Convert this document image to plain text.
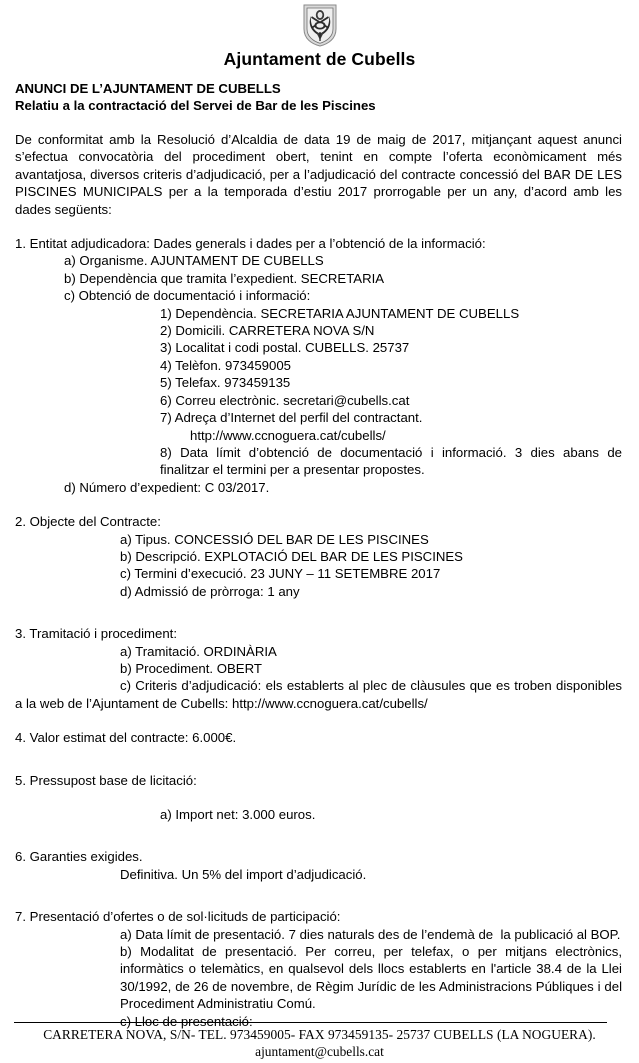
Ajuntament de Cubells
ANUNCI DE L’AJUNTAMENT DE CUBELLS
Relatiu a la contractació del Servei de Bar de les Piscines

De conformitat amb la Resolució d’Alcaldia de data 19 de maig de 2017, mitjançant aquest anunci s’efectua convocatòria del procediment obert, tenint en compte l’oferta econòmicament més avantatjosa, diversos criteris d’adjudicació, per a l’adjudicació del contracte concessió del BAR DE LES PISCINES MUNICIPALS per a la temporada d’estiu 2017 prorrogable per un any, d’acord amb les dades següents:

1. Entitat adjudicadora: Dades generals i dades per a l’obtenció de la informació:
a) Organisme. AJUNTAMENT DE CUBELLS
b) Dependència que tramita l’expedient. SECRETARIA
c) Obtenció de documentació i informació:
1) Dependència. SECRETARIA AJUNTAMENT DE CUBELLS
2) Domicili. CARRETERA NOVA S/N
3) Localitat i codi postal. CUBELLS. 25737
4) Telèfon. 973459005
5) Telefax. 973459135
6) Correu electrònic. secretari@cubells.cat
7) Adreça d’Internet del perfil del contractant.
http://www.ccnoguera.cat/cubells/
8) Data límit d’obtenció de documentació i informació. 3 dies abans de finalitzar el termini per a presentar propostes.
d) Número d’expedient: C 03/2017.
2. Objecte del Contracte:
a) Tipus. CONCESSIÓ DEL BAR DE LES PISCINES
b) Descripció. EXPLOTACIÓ DEL BAR DE LES PISCINES
c) Termini d’execució. 23 JUNY – 11 SETEMBRE 2017
d) Admissió de pròrroga: 1 any
3. Tramitació i procediment:
a) Tramitació. ORDINÀRIA
b) Procediment. OBERT
c) Criteris d’adjudicació: els establerts al plec de clàusules que es troben disponibles a la web de l’Ajuntament de Cubells: http://www.ccnoguera.cat/cubells/
4. Valor estimat del contracte: 6.000€.
5. Pressupost base de licitació:
a) Import net: 3.000 euros.
6. Garanties exigides.
Definitiva. Un 5% del import d’adjudicació.
7. Presentació d’ofertes o de sol·licituds de participació:
a) Data límit de presentació. 7 dies naturals des de l’endemà de  la publicació al BOP.
b) Modalitat de presentació. Per correu, per telefax, o per mitjans electrònics, informàtics o telemàtics, en qualsevol dels llocs establerts en l'article 38.4 de la Llei 30/1992, de 26 de novembre, de Règim Jurídic de les Administracions Públiques i del Procediment Administratiu Comú.
c) Lloc de presentació:
CARRETERA NOVA, S/N- TEL. 973459005- FAX 973459135- 25737 CUBELLS (LA NOGUERA).
ajuntament@cubells.cat
